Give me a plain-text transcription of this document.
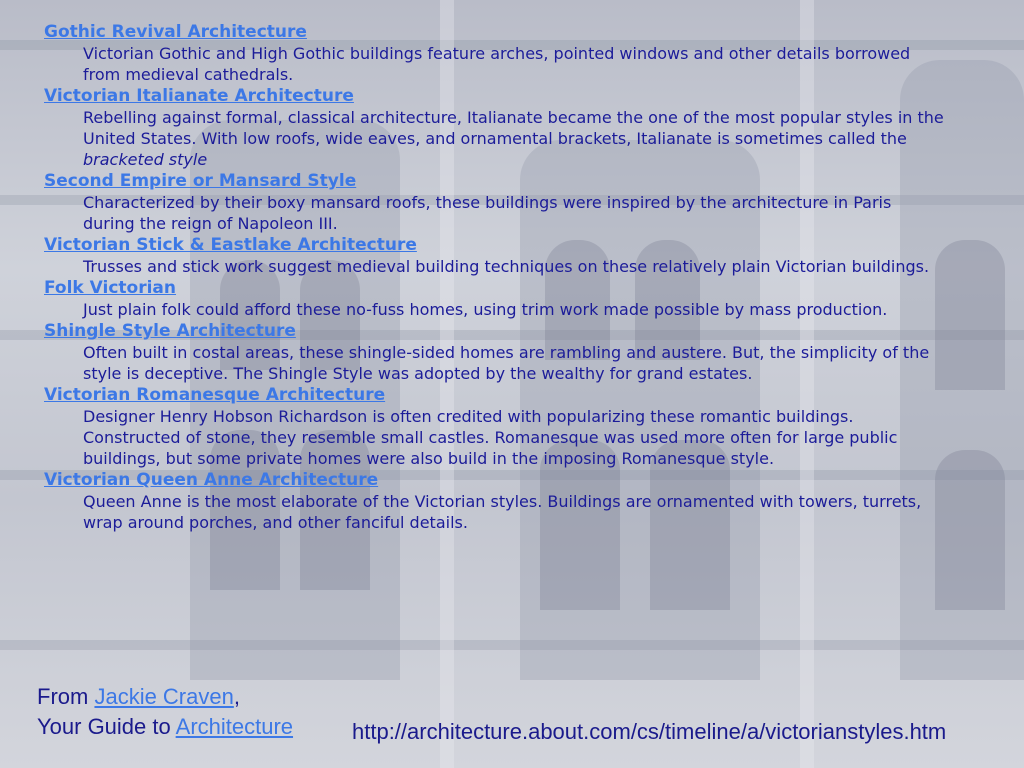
Gothic Revival Architecture
Victorian Gothic and High Gothic buildings feature arches, pointed windows and other details borrowed from medieval cathedrals.
Victorian Italianate Architecture
Rebelling against formal, classical architecture, Italianate became the one of the most popular styles in the United States. With low roofs, wide eaves, and ornamental brackets, Italianate is sometimes called the bracketed style
Second Empire or Mansard Style
Characterized by their boxy mansard roofs, these buildings were inspired by the architecture in Paris during the reign of Napoleon III.
Victorian Stick & Eastlake Architecture
Trusses and stick work suggest medieval building techniques on these relatively plain Victorian buildings.
Folk Victorian
Just plain folk could afford these no-fuss homes, using trim work made possible by mass production.
Shingle Style Architecture
Often built in costal areas, these shingle-sided homes are rambling and austere. But, the simplicity of the style is deceptive. The Shingle Style was adopted by the wealthy for grand estates.
Victorian Romanesque Architecture
Designer Henry Hobson Richardson is often credited with popularizing these romantic buildings. Constructed of stone, they resemble small castles. Romanesque was used more often for large public buildings, but some private homes were also build in the imposing Romanesque style.
Victorian Queen Anne Architecture
Queen Anne is the most elaborate of the Victorian styles. Buildings are ornamented with towers, turrets, wrap around porches, and other fanciful details.
From Jackie Craven,
Your Guide to Architecture	http://architecture.about.com/cs/timeline/a/victorianstyles.htm
